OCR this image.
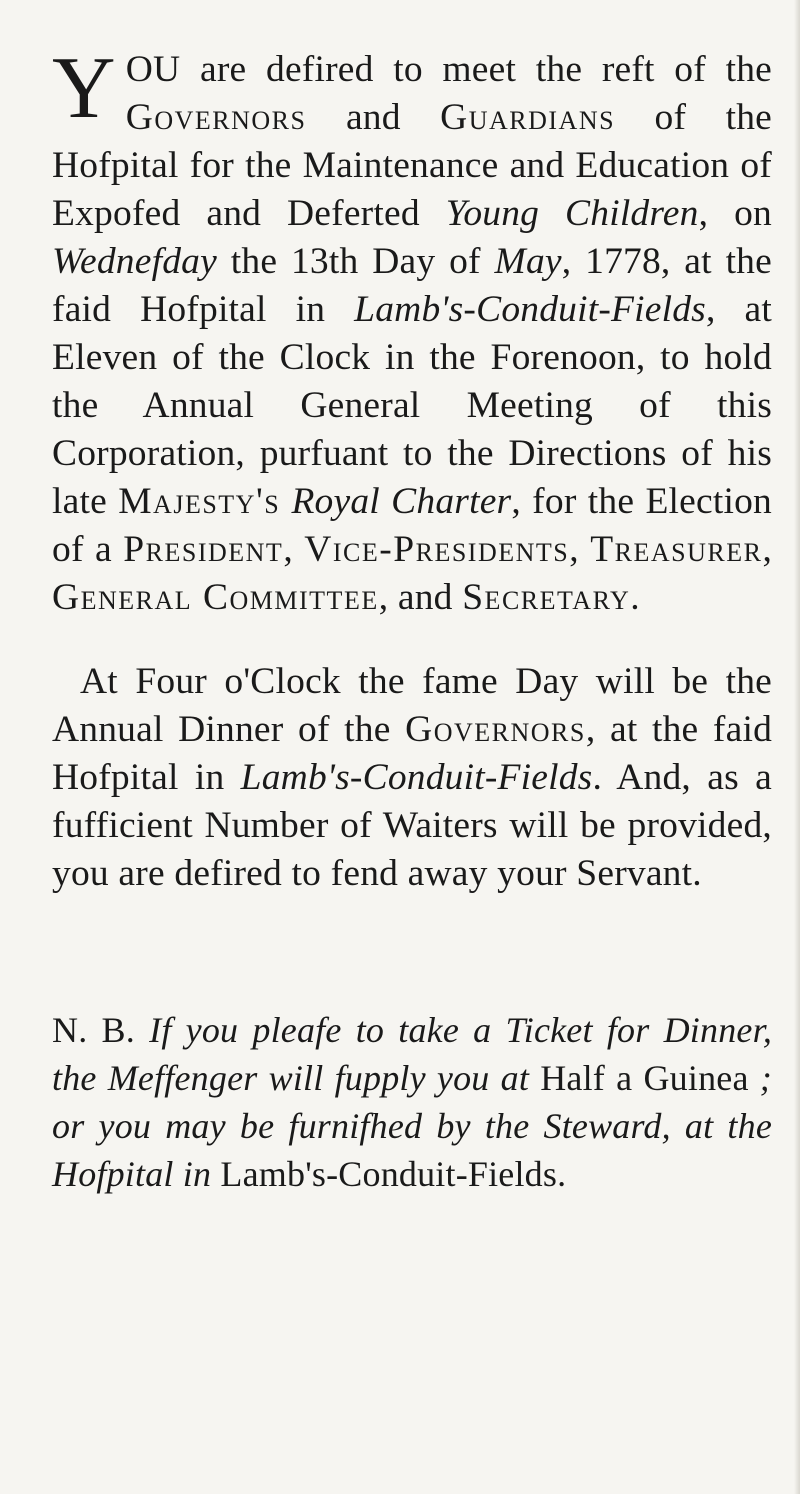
Y OU are defired to meet the reft of the Governors and Guardians of the Hofpital for the Maintenance and Education of Expofed and Deferted Young Children, on Wednefday the 13th Day of May, 1778, at the faid Hofpital in Lamb's-Conduit-Fields, at Eleven of the Clock in the Forenoon, to hold the Annual General Meeting of this Corporation, purfuant to the Directions of his late Majesty's Royal Charter, for the Election of a President, Vice-Presidents, Treasurer, General Committee, and Secretary.

At Four o'Clock the fame Day will be the Annual Dinner of the Governors, at the faid Hofpital in Lamb's-Conduit-Fields. And, as a fufficient Number of Waiters will be provided, you are defired to fend away your Servant.

N. B. If you pleafe to take a Ticket for Dinner, the Meffenger will fupply you at Half a Guinea ; or you may be furnifhed by the Steward, at the Hofpital in Lamb's-Conduit-Fields.
